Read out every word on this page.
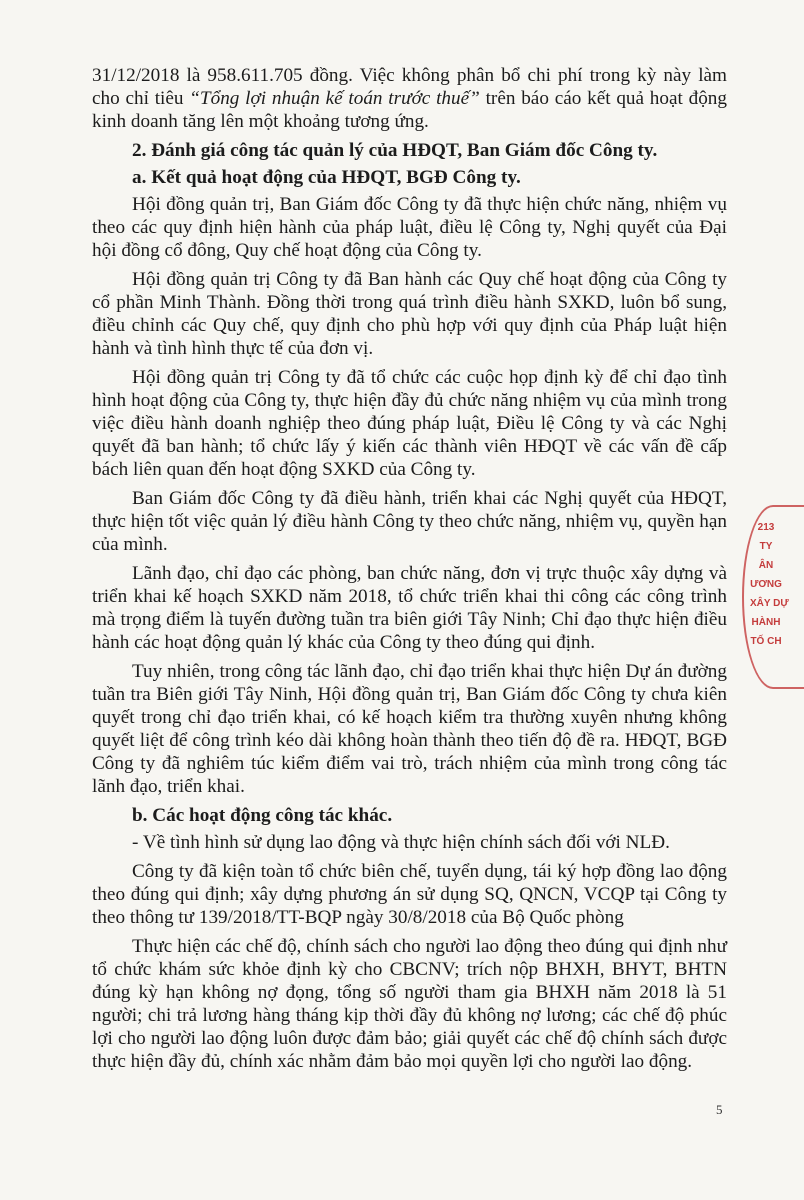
31/12/2018 là 958.611.705 đồng. Việc không phân bổ chi phí trong kỳ này làm cho chỉ tiêu “Tổng lợi nhuận kế toán trước thuế” trên báo cáo kết quả hoạt động kinh doanh tăng lên một khoảng tương ứng.

2. Đánh giá công tác quản lý của HĐQT, Ban Giám đốc Công ty.

a. Kết quả hoạt động của HĐQT, BGĐ Công ty.

Hội đồng quản trị, Ban Giám đốc Công ty đã thực hiện chức năng, nhiệm vụ theo các quy định hiện hành của pháp luật, điều lệ Công ty, Nghị quyết của Đại hội đồng cổ đông, Quy chế hoạt động của Công ty.

Hội đồng quản trị Công ty đã Ban hành các Quy chế hoạt động của Công ty cổ phần Minh Thành. Đồng thời trong quá trình điều hành SXKD, luôn bổ sung, điều chỉnh các Quy chế, quy định cho phù hợp với quy định của Pháp luật hiện hành và tình hình thực tế của đơn vị.

Hội đồng quản trị Công ty đã tổ chức các cuộc họp định kỳ để chỉ đạo tình hình hoạt động của Công ty, thực hiện đầy đủ chức năng nhiệm vụ của mình trong việc điều hành doanh nghiệp theo đúng pháp luật, Điều lệ Công ty và các Nghị quyết đã ban hành; tổ chức lấy ý kiến các thành viên HĐQT về các vấn đề cấp bách liên quan đến hoạt động SXKD của Công ty.

Ban Giám đốc Công ty đã điều hành, triển khai các Nghị quyết của HĐQT, thực hiện tốt việc quản lý điều hành Công ty theo chức năng, nhiệm vụ, quyền hạn của mình.

Lãnh đạo, chỉ đạo các phòng, ban chức năng, đơn vị trực thuộc xây dựng và triển khai kế hoạch SXKD năm 2018, tổ chức triển khai thi công các công trình mà trọng điểm là tuyến đường tuần tra biên giới Tây Ninh; Chỉ đạo thực hiện điều hành các hoạt động quản lý khác của Công ty theo đúng qui định.

Tuy nhiên, trong công tác lãnh đạo, chỉ đạo triển khai thực hiện Dự án đường tuần tra Biên giới Tây Ninh, Hội đồng quản trị, Ban Giám đốc Công ty chưa kiên quyết trong chỉ đạo triển khai, có kế hoạch kiểm tra thường xuyên nhưng không quyết liệt để công trình kéo dài không hoàn thành theo tiến độ đề ra. HĐQT, BGĐ Công ty đã nghiêm túc kiểm điểm vai trò, trách nhiệm của mình trong công tác lãnh đạo, triển khai.

b. Các hoạt động công tác khác.

- Về tình hình sử dụng lao động và thực hiện chính sách đối với NLĐ.

Công ty đã kiện toàn tổ chức biên chế, tuyển dụng, tái ký hợp đồng lao động theo đúng qui định; xây dựng phương án sử dụng SQ, QNCN, VCQP tại Công ty theo thông tư 139/2018/TT-BQP ngày 30/8/2018 của Bộ Quốc phòng

Thực hiện các chế độ, chính sách cho người lao động theo đúng qui định như tổ chức khám sức khỏe định kỳ cho CBCNV; trích nộp BHXH, BHYT, BHTN đúng kỳ hạn không nợ đọng, tổng số người tham gia BHXH năm 2018 là 51 người; chi trả lương hàng tháng kịp thời đầy đủ không nợ lương; các chế độ phúc lợi cho người lao động luôn được đảm bảo; giải quyết các chế độ chính sách được thực hiện đầy đủ, chính xác nhằm đảm bảo mọi quyền lợi cho người lao động.

213
TY
ÂN
ƯƠNG
XÂY DỰ
HÀNH
TỐ CH
5
